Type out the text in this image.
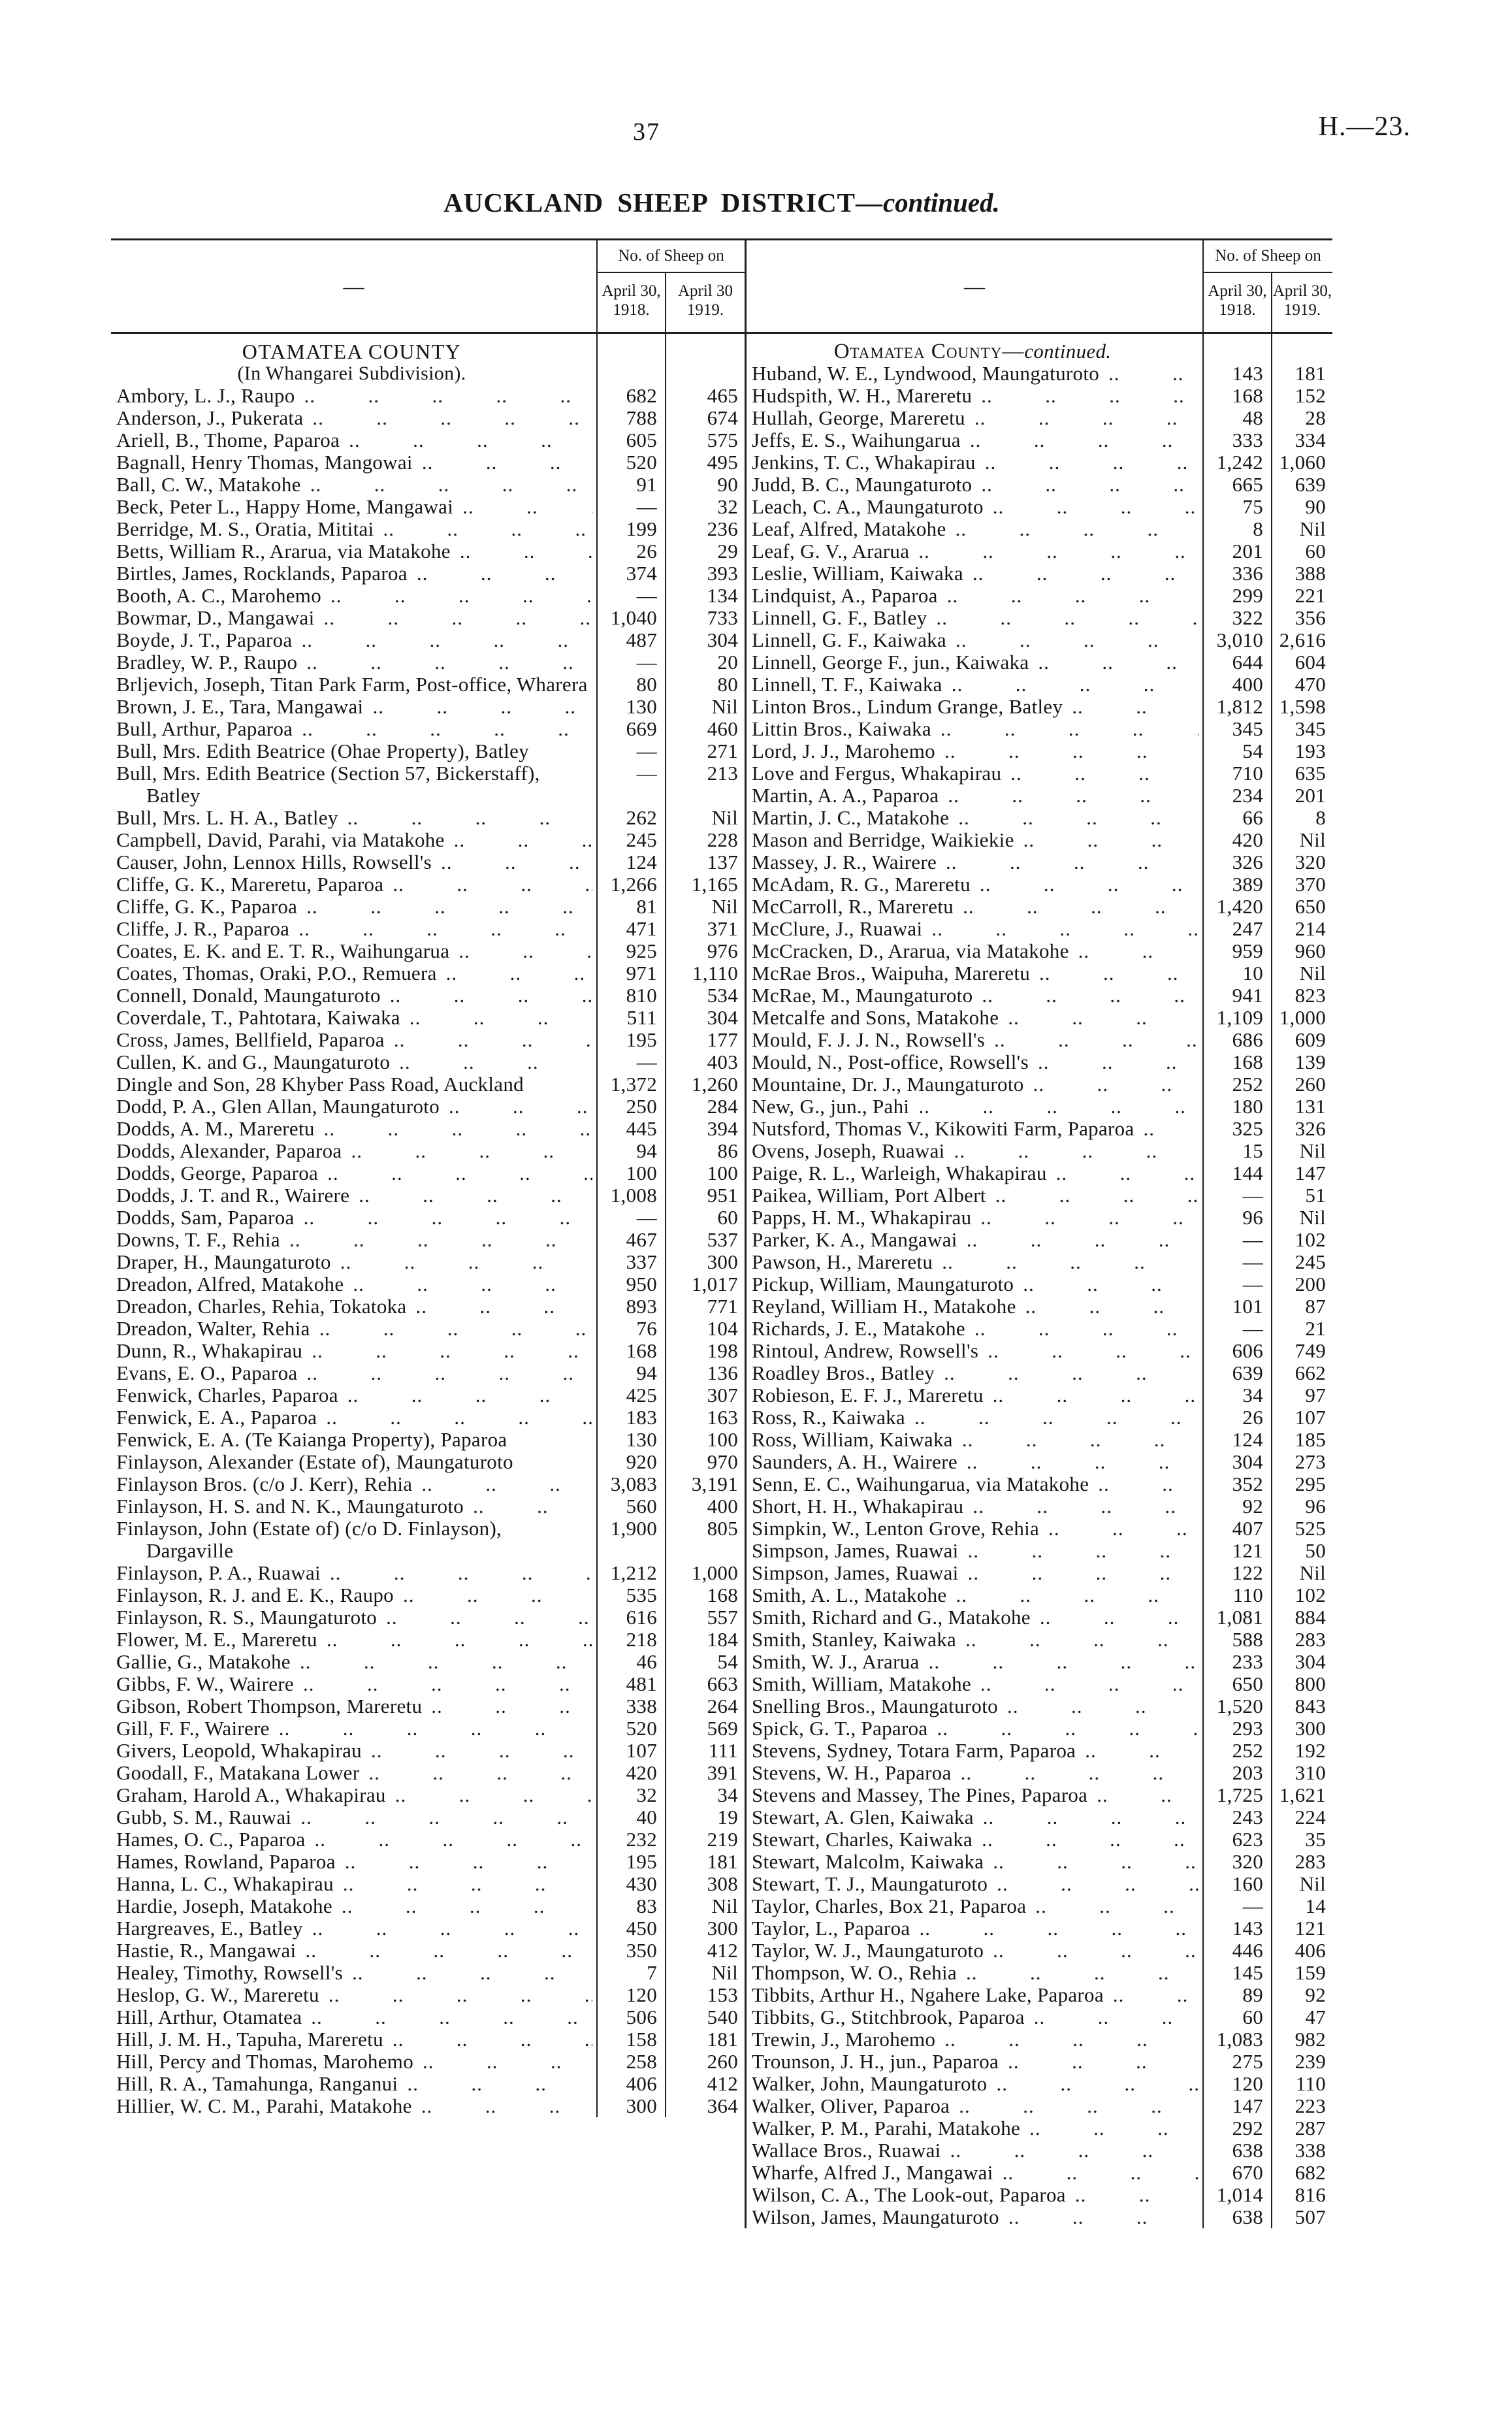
37	H.—23.
AUCKLAND SHEEP DISTRICT—continued.
—
No. of Sheep on
April 30, 1918.
April 30 1919.
OTAMATEA COUNTY
(In Whangarei Subdivision).
Ambory, L. J., Raupo ..   	682	465
Anderson, J., Pukerata ..   	788	674
Ariell, B., Thome, Paparoa ..   	605	575
Bagnall, Henry Thomas, Mangowai ..   	520	495
Ball, C. W., Matakohe ..   	91	90
Beck, Peter L., Happy Home, Mangawai ..   	—	32
Berridge, M. S., Oratia, Mititai ..   	199	236
Betts, William R., Ararua, via Matakohe ..   	26	29
Birtles, James, Rocklands, Paparoa ..   	374	393
Booth, A. C., Marohemo ..   	—	134
Bowmar, D., Mangawai ..   	1,040	733
Boyde, J. T., Paparoa ..   	487	304
Bradley, W. P., Raupo ..   	—	20
Brljevich, Joseph, Titan Park Farm, Post-office, Wharera	80	80
Brown, J. E., Tara, Mangawai ..   	130	Nil
Bull, Arthur, Paparoa ..   	669	460
Bull, Mrs. Edith Beatrice (Ohae Property), Batley	—	271
Bull, Mrs. Edith Beatrice (Section 57, Bickerstaff), Batley
—	213
Bull, Mrs. L. H. A., Batley ..   	262	Nil
Campbell, David, Parahi, via Matakohe ..   	245	228
Causer, John, Lennox Hills, Rowsell's ..   	124	137
Cliffe, G. K., Mareretu, Paparoa ..   	1,266	1,165
Cliffe, G. K., Paparoa ..   	81	Nil
Cliffe, J. R., Paparoa ..   	471	371
Coates, E. K. and E. T. R., Waihungarua ..   	925	976
Coates, Thomas, Oraki, P.O., Remuera ..   	971	1,110
Connell, Donald, Maungaturoto ..   	810	534
Coverdale, T., Pahtotara, Kaiwaka ..   	511	304
Cross, James, Bellfield, Paparoa ..   	195	177
Cullen, K. and G., Maungaturoto ..   	—	403
Dingle and Son, 28 Khyber Pass Road, Auckland	1,372	1,260
Dodd, P. A., Glen Allan, Maungaturoto ..   	250	284
Dodds, A. M., Mareretu ..   	445	394
Dodds, Alexander, Paparoa ..   	94	86
Dodds, George, Paparoa ..   	100	100
Dodds, J. T. and R., Wairere ..   	1,008	951
Dodds, Sam, Paparoa ..   	—	60
Downs, T. F., Rehia ..   	467	537
Draper, H., Maungaturoto ..   	337	300
Dreadon, Alfred, Matakohe ..   	950	1,017
Dreadon, Charles, Rehia, Tokatoka ..   	893	771
Dreadon, Walter, Rehia ..   	76	104
Dunn, R., Whakapirau ..   	168	198
Evans, E. O., Paparoa ..   	94	136
Fenwick, Charles, Paparoa ..   	425	307
Fenwick, E. A., Paparoa ..   	183	163
Fenwick, E. A. (Te Kaianga Property), Paparoa	130	100
Finlayson, Alexander (Estate of), Maungaturoto	920	970
Finlayson Bros. (c/o J. Kerr), Rehia ..   	3,083	3,191
Finlayson, H. S. and N. K., Maungaturoto ..   	560	400
Finlayson, John (Estate of) (c/o D. Finlayson), Dargaville
1,900	805
Finlayson, P. A., Ruawai ..   	1,212	1,000
Finlayson, R. J. and E. K., Raupo ..   	535	168
Finlayson, R. S., Maungaturoto ..   	616	557
Flower, M. E., Mareretu ..   	218	184
Gallie, G., Matakohe ..   	46	54
Gibbs, F. W., Wairere ..   	481	663
Gibson, Robert Thompson, Mareretu ..   	338	264
Gill, F. F., Wairere ..   	520	569
Givers, Leopold, Whakapirau ..   	107	111
Goodall, F., Matakana Lower ..   	420	391
Graham, Harold A., Whakapirau ..   	32	34
Gubb, S. M., Rauwai ..   	40	19
Hames, O. C., Paparoa ..   	232	219
Hames, Rowland, Paparoa ..   	195	181
Hanna, L. C., Whakapirau ..   	430	308
Hardie, Joseph, Matakohe ..   	83	Nil
Hargreaves, E., Batley ..   	450	300
Hastie, R., Mangawai ..   	350	412
Healey, Timothy, Rowsell's ..   	7	Nil
Heslop, G. W., Mareretu ..   	120	153
Hill, Arthur, Otamatea ..   	506	540
Hill, J. M. H., Tapuha, Mareretu ..   	158	181
Hill, Percy and Thomas, Marohemo ..   	258	260
Hill, R. A., Tamahunga, Ranganui ..   	406	412
Hillier, W. C. M., Parahi, Matakohe ..   	300	364
—
No. of Sheep on
April 30, 1918.
April 30, 1919.
Otamatea County—continued.
Huband, W. E., Lyndwood, Maungaturoto ..   	143	181
Hudspith, W. H., Mareretu ..   	168	152
Hullah, George, Mareretu ..   	48	28
Jeffs, E. S., Waihungarua ..   	333	334
Jenkins, T. C., Whakapirau ..   	1,242 1,060
Judd, B. C., Maungaturoto ..   	665	639
Leach, C. A., Maungaturoto ..   	75	90
Leaf, Alfred, Matakohe ..   	8	Nil
Leaf, G. V., Ararua ..   	201	60
Leslie, William, Kaiwaka ..   	336	388
Lindquist, A., Paparoa ..   	299	221
Linnell, G. F., Batley ..   	322	356
Linnell, G. F., Kaiwaka ..   	3,010 2,616
Linnell, George F., jun., Kaiwaka ..   	644	604
Linnell, T. F., Kaiwaka ..   	400	470
Linton Bros., Lindum Grange, Batley ..   	1,812 1,598
Littin Bros., Kaiwaka ..   	345	345
Lord, J. J., Marohemo ..   	54	193
Love and Fergus, Whakapirau ..   	710	635
Martin, A. A., Paparoa ..   	234	201
Martin, J. C., Matakohe ..   	66	8
Mason and Berridge, Waikiekie ..   	420	Nil
Massey, J. R., Wairere ..   	326	320
McAdam, R. G., Mareretu ..   	389	370
McCarroll, R., Mareretu ..   	1,420	650
McClure, J., Ruawai ..   	247	214
McCracken, D., Ararua, via Matakohe ..   	959	960
McRae Bros., Waipuha, Mareretu ..   	10	Nil
McRae, M., Maungaturoto ..   	941	823
Metcalfe and Sons, Matakohe ..   	1,109 1,000
Mould, F. J. J. N., Rowsell's ..   	686	609
Mould, N., Post-office, Rowsell's ..   	168	139
Mountaine, Dr. J., Maungaturoto ..   	252	260
New, G., jun., Pahi ..   	180	131
Nutsford, Thomas V., Kikowiti Farm, Paparoa ..   	325	326
Ovens, Joseph, Ruawai ..   	15	Nil
Paige, R. L., Warleigh, Whakapirau ..   	144	147
Paikea, William, Port Albert ..   	—	51
Papps, H. M., Whakapirau ..   	96	Nil
Parker, K. A., Mangawai ..   	—	102
Pawson, H., Mareretu ..   	—	245
Pickup, William, Maungaturoto ..   	—	200
Reyland, William H., Matakohe ..   	101	87
Richards, J. E., Matakohe ..   	—	21
Rintoul, Andrew, Rowsell's ..   	606	749
Roadley Bros., Batley ..   	639	662
Robieson, E. F. J., Mareretu ..   	34	97
Ross, R., Kaiwaka ..   	26	107
Ross, William, Kaiwaka ..   	124	185
Saunders, A. H., Wairere ..   	304	273
Senn, E. C., Waihungarua, via Matakohe ..   	352	295
Short, H. H., Whakapirau ..   	92	96
Simpkin, W., Lenton Grove, Rehia ..   	407	525
Simpson, James, Ruawai ..   	121	50
Simpson, James, Ruawai ..   	122	Nil
Smith, A. L., Matakohe ..   	110	102
Smith, Richard and G., Matakohe ..   	1,081	884
Smith, Stanley, Kaiwaka ..   	588	283
Smith, W. J., Ararua ..   	233	304
Smith, William, Matakohe ..   	650	800
Snelling Bros., Maungaturoto ..   	1,520	843
Spick, G. T., Paparoa ..   	293	300
Stevens, Sydney, Totara Farm, Paparoa ..   	252	192
Stevens, W. H., Paparoa ..   	203	310
Stevens and Massey, The Pines, Paparoa ..   	1,725 1,621
Stewart, A. Glen, Kaiwaka ..   	243	224
Stewart, Charles, Kaiwaka ..   	623	35
Stewart, Malcolm, Kaiwaka ..   	320	283
Stewart, T. J., Maungaturoto ..   	160	Nil
Taylor, Charles, Box 21, Paparoa ..   	—	14
Taylor, L., Paparoa ..   	143	121
Taylor, W. J., Maungaturoto ..   	446	406
Thompson, W. O., Rehia ..   	145	159
Tibbits, Arthur H., Ngahere Lake, Paparoa ..   	89	92
Tibbits, G., Stitchbrook, Paparoa ..   	60	47
Trewin, J., Marohemo ..   	1,083	982
Trounson, J. H., jun., Paparoa ..   	275	239
Walker, John, Maungaturoto ..   	120	110
Walker, Oliver, Paparoa ..   	147	223
Walker, P. M., Parahi, Matakohe ..   	292	287
Wallace Bros., Ruawai ..   	638	338
Wharfe, Alfred J., Mangawai ..   	670	682
Wilson, C. A., The Look-out, Paparoa ..   	1,014	816
Wilson, James, Maungaturoto ..   	638	507
